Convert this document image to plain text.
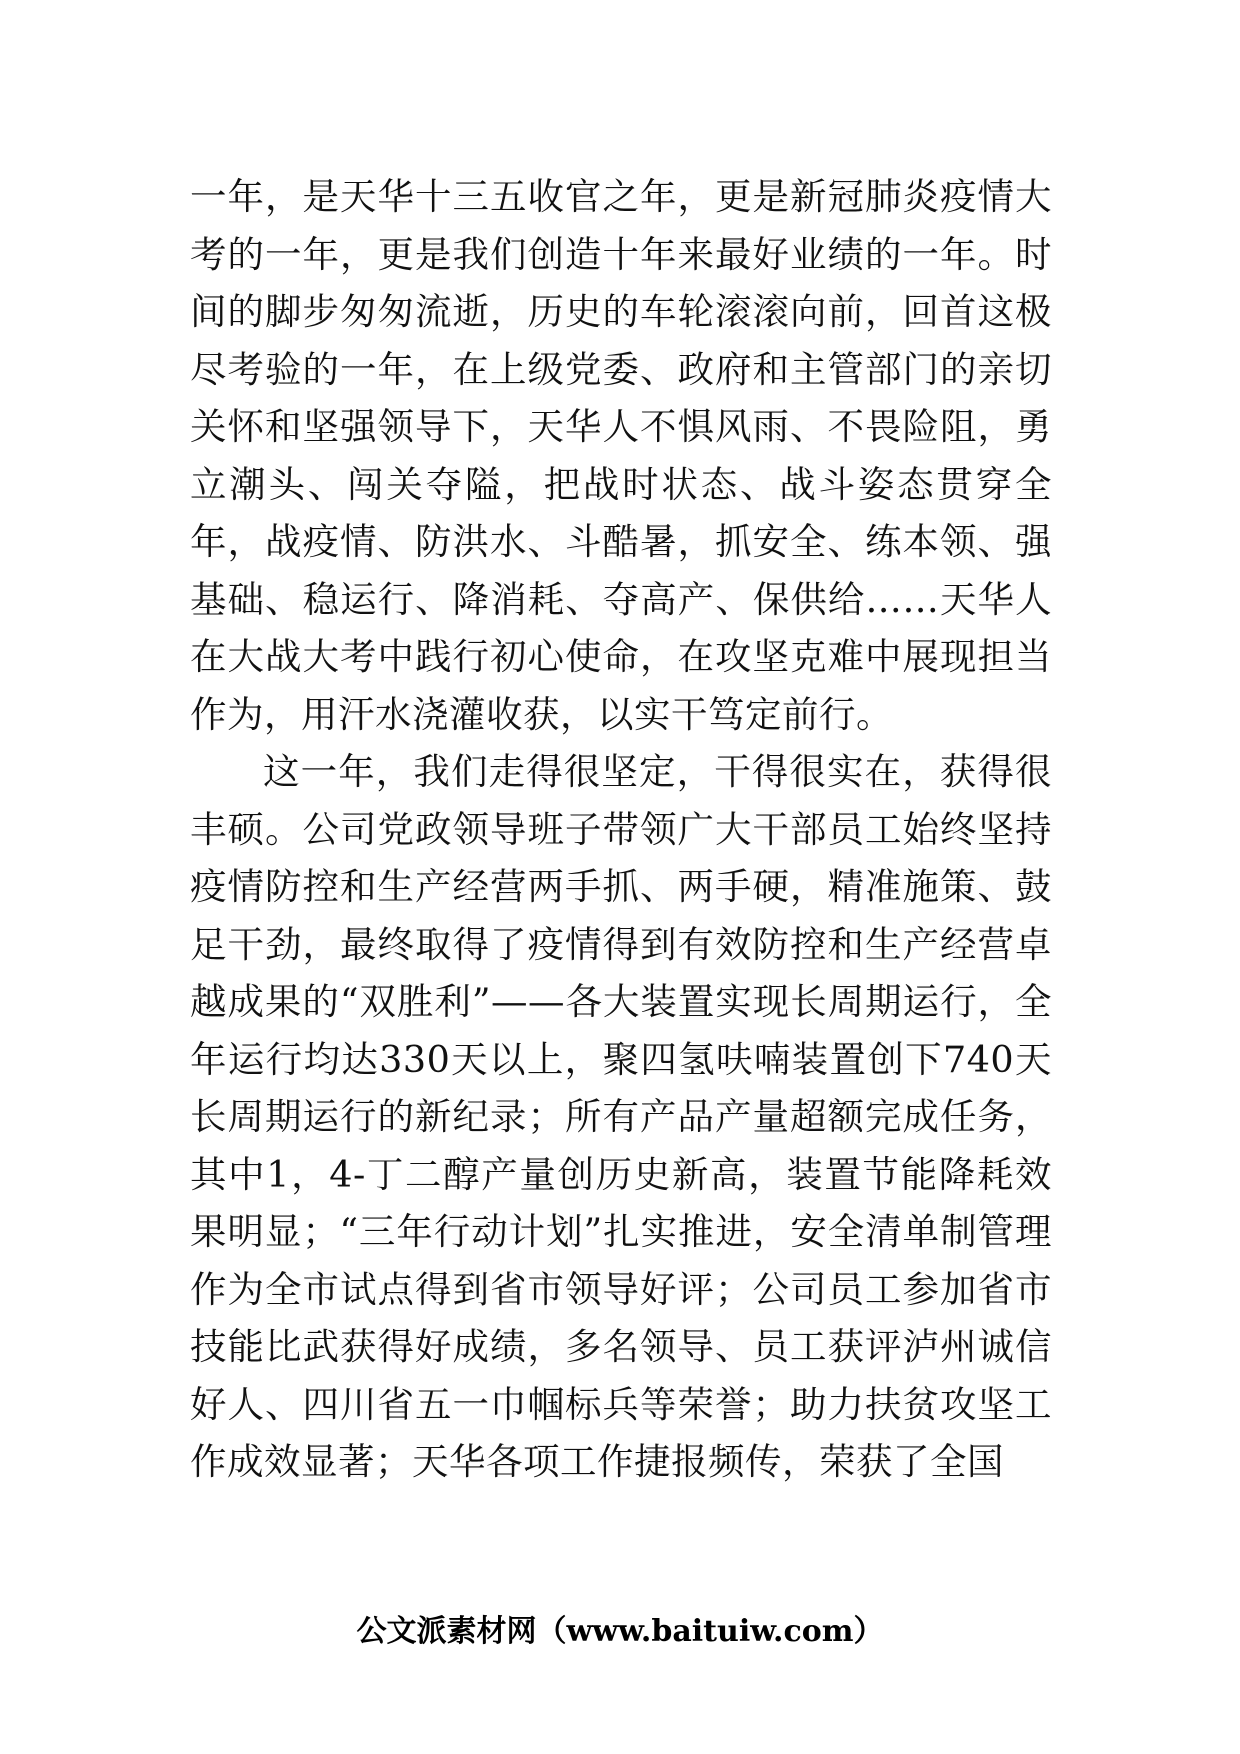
一年，是天华十三五收官之年，更是新冠肺炎疫情大考的一年，更是我们创造十年来最好业绩的一年。时间的脚步匆匆流逝，历史的车轮滚滚向前，回首这极尽考验的一年，在上级党委、政府和主管部门的亲切关怀和坚强领导下，天华人不惧风雨、不畏险阻，勇立潮头、闯关夺隘，把战时状态、战斗姿态贯穿全年，战疫情、防洪水、斗酷暑，抓安全、练本领、强基础、稳运行、降消耗、夺高产、保供给……天华人在大战大考中践行初心使命，在攻坚克难中展现担当作为，用汗水浇灌收获，以实干笃定前行。

这一年，我们走得很坚定，干得很实在，获得很丰硕。公司党政领导班子带领广大干部员工始终坚持疫情防控和生产经营两手抓、两手硬，精准施策、鼓足干劲，最终取得了疫情得到有效防控和生产经营卓越成果的“双胜利”——各大装置实现长周期运行，全年运行均达330天以上，聚四氢呋喃装置创下740天长周期运行的新纪录；所有产品产量超额完成任务，其中1，4-丁二醇产量创历史新高，装置节能降耗效果明显；“三年行动计划”扎实推进，安全清单制管理作为全市试点得到省市领导好评；公司员工参加省市技能比武获得好成绩，多名领导、员工获评泸州诚信好人、四川省五一巾帼标兵等荣誉；助力扶贫攻坚工作成效显著；天华各项工作捷报频传，荣获了全国

公文派素材网（www.baituiw.com）
